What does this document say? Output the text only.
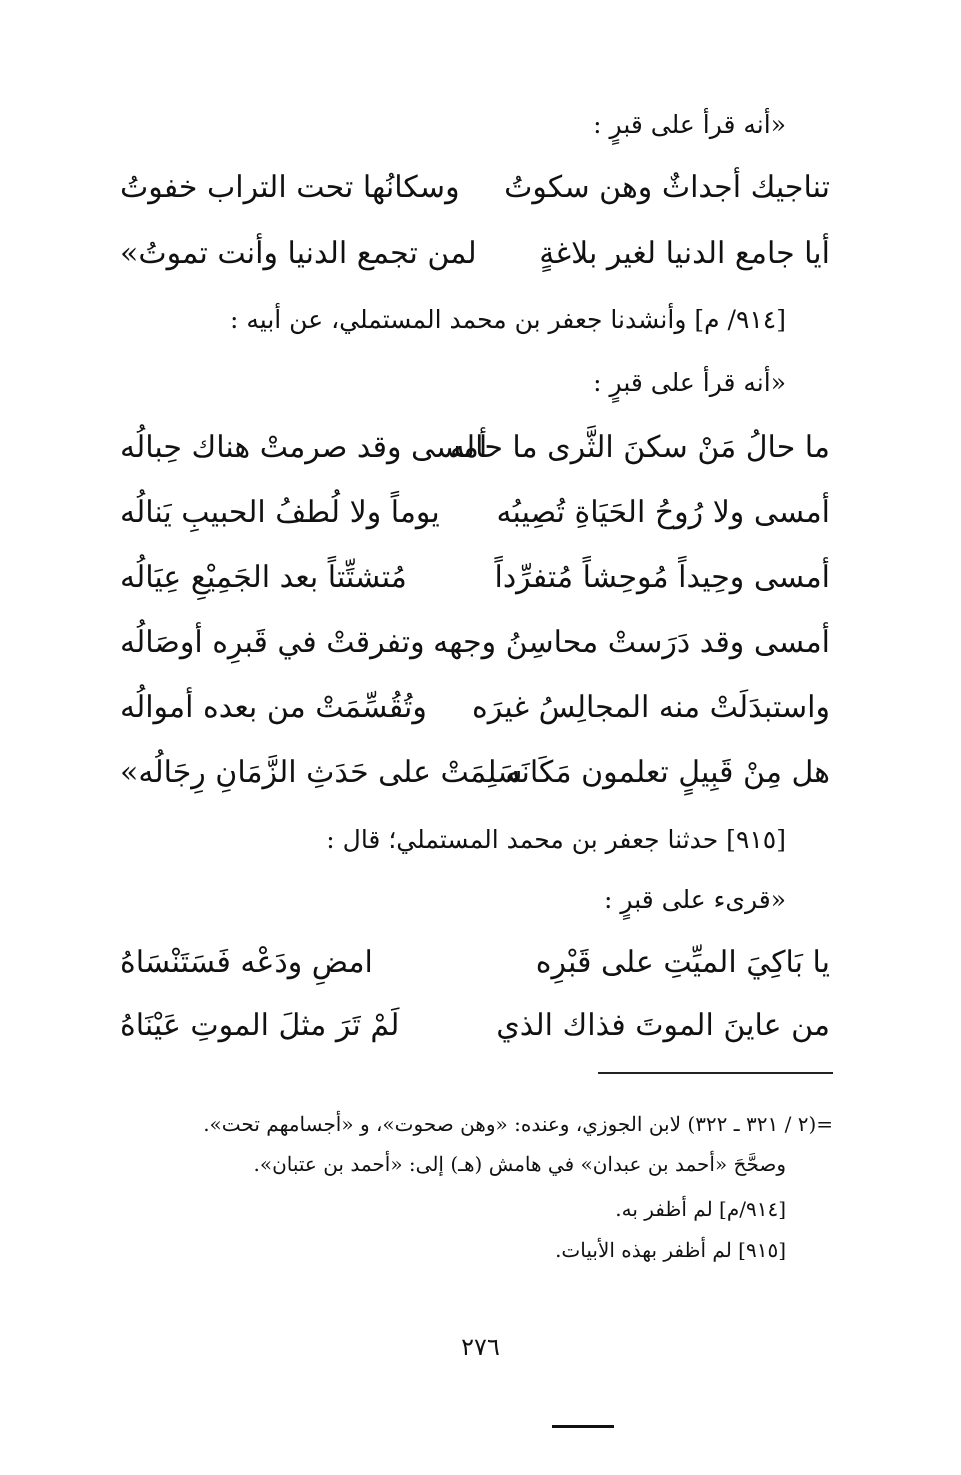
«أنه قرأ على قبرٍ :
تناجيك أجداثٌ وهن سكوتُ
وسكانُها تحت التراب خفوتُ
أيا جامع الدنيا لغير بلاغةٍ
لمن تجمع الدنيا وأنت تموتُ»
[٩١٤/ م] وأنشدنا جعفر بن محمد المستملي، عن أبيه :
«أنه قرأ على قبرٍ :
ما حالُ مَنْ سكنَ الثَّرى ما حاله
أمسى وقد صرمتْ هناك حِبالُه
أمسى ولا رُوحُ الحَيَاةِ تُصِيبُه
يوماً ولا لُطفُ الحبيبِ يَنالُه
أمسى وحِيداً مُوحِشاً مُتفرِّداً
مُتشتِّتاً بعد الجَمِيْعِ عِيَالُه
أمسى وقد دَرَستْ محاسِنُ وجهه
وتفرقتْ في قَبرِه أوصَالُه
واستبدَلَتْ منه المجالِسُ غيرَه
وتُقُسِّمَتْ من بعده أموالُه
هل مِنْ قَبِيلٍ تعلمون مَكَانَه
سَلِمَتْ على حَدَثِ الزَّمَانِ رِجَالُه»
[٩١٥] حدثنا جعفر بن محمد المستملي؛ قال :
«قرىء على قبرٍ :
يا بَاكِيَ الميِّتِ على قَبْرِه
امضِ ودَعْه فَسَتَنْسَاهُ
من عاينَ الموتَ فذاك الذي
لَمْ تَرَ مثلَ الموتِ عَيْنَاهُ
=(٢ / ٣٢١ ـ ٣٢٢) لابن الجوزي، وعنده: «وهن صحوت»، و «أجسامهم تحت».
وصحَّحَ «أحمد بن عبدان» في هامش (هـ) إلى: «أحمد بن عتبان».
[٩١٤/م] لم أظفر به.
[٩١٥] لم أظفر بهذه الأبيات.
٢٧٦
